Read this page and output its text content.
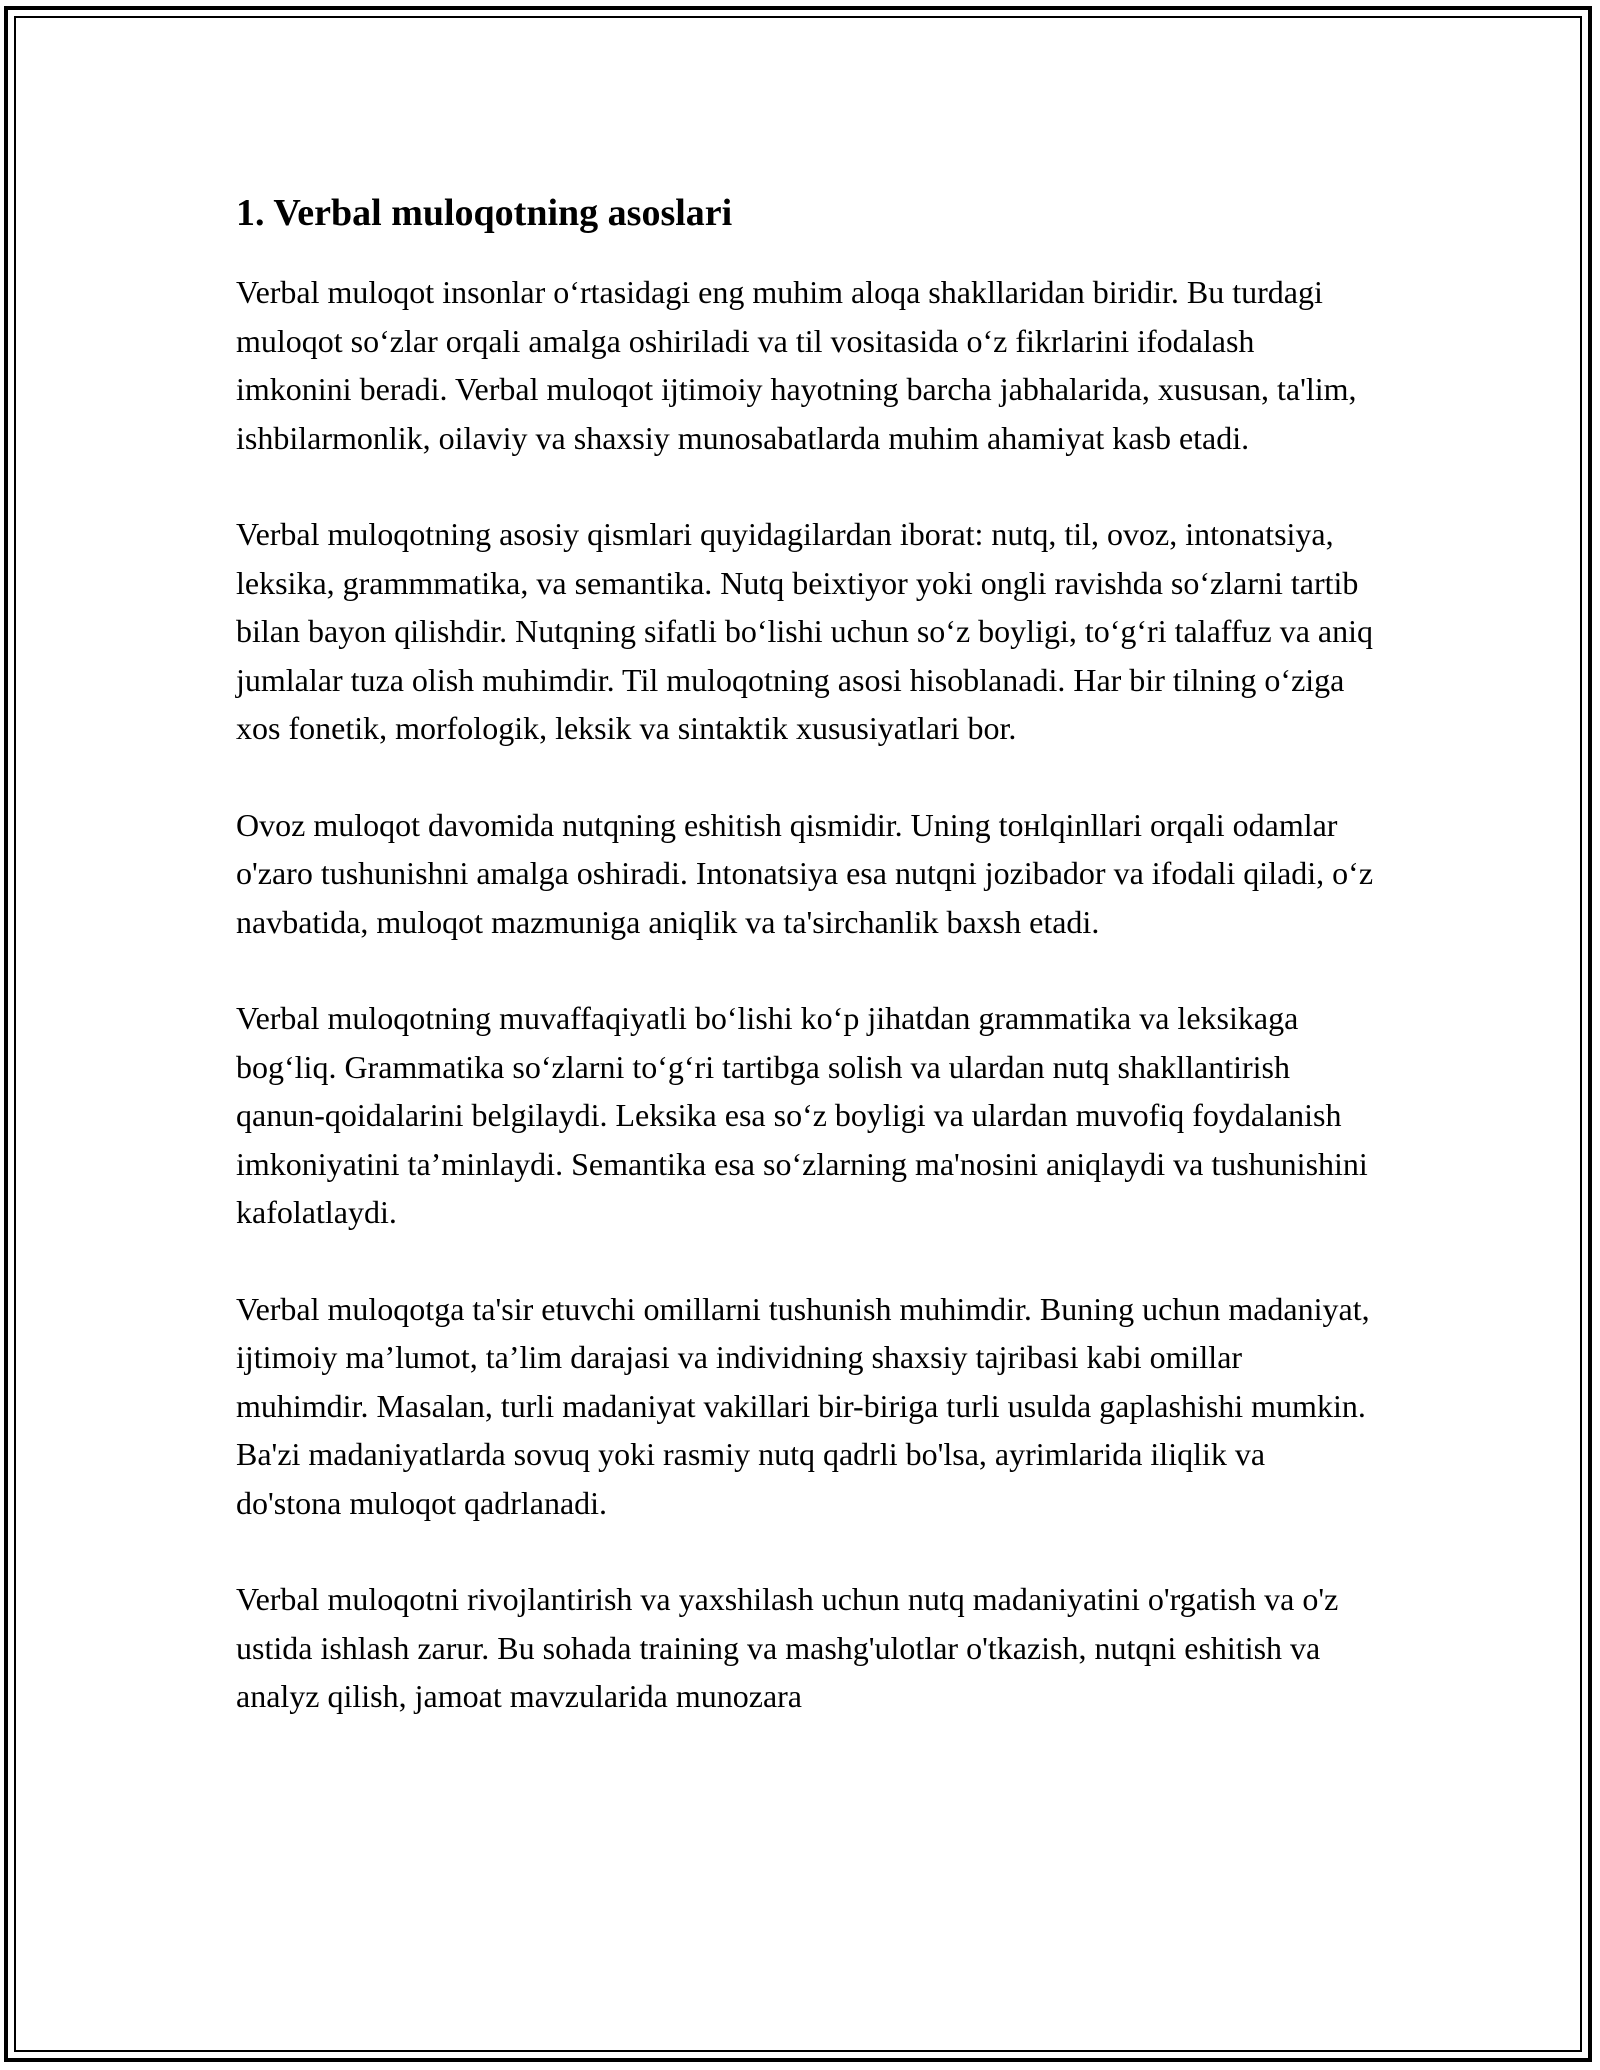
1. Verbal muloqotning asoslari

Verbal muloqot insonlar o‘rtasidagi eng muhim aloqa shakllaridan biridir. Bu turdagi muloqot so‘zlar orqali amalga oshiriladi va til vositasida o‘z fikrlarini ifodalash imkonini beradi. Verbal muloqot ijtimoiy hayotning barcha jabhalarida, xususan, ta'lim, ishbilarmonlik, oilaviy va shaxsiy munosabatlarda muhim ahamiyat kasb etadi.

Verbal muloqotning asosiy qismlari quyidagilardan iborat: nutq, til, ovoz, intonatsiya, leksika, grammmatika, va semantika. Nutq beixtiyor yoki ongli ravishda so‘zlarni tartib bilan bayon qilishdir. Nutqning sifatli bo‘lishi uchun so‘z boyligi, to‘g‘ri talaffuz va aniq jumlalar tuza olish muhimdir. Til muloqotning asosi hisoblanadi. Har bir tilning o‘ziga xos fonetik, morfologik, leksik va sintaktik xususiyatlari bor.

Ovoz muloqot davomida nutqning eshitish qismidir. Uning toнlqinllari orqali odamlar o'zaro tushunishni amalga oshiradi. Intonatsiya esa nutqni jozibador va ifodali qiladi, o‘z navbatida, muloqot mazmuniga aniqlik va ta'sirchanlik baxsh etadi.

Verbal muloqotning muvaffaqiyatli bo‘lishi ko‘p jihatdan grammatika va leksikaga bog‘liq. Grammatika so‘zlarni to‘g‘ri tartibga solish va ulardan nutq shakllantirish qanun-qoidalarini belgilaydi. Leksika esa so‘z boyligi va ulardan muvofiq foydalanish imkoniyatini ta’minlaydi. Semantika esa so‘zlarning ma'nosini aniqlaydi va tushunishini kafolatlaydi.

Verbal muloqotga ta'sir etuvchi omillarni tushunish muhimdir. Buning uchun madaniyat, ijtimoiy ma’lumot, ta’lim darajasi va individning shaxsiy tajribasi kabi omillar muhimdir. Masalan, turli madaniyat vakillari bir-biriga turli usulda gaplashishi mumkin. Ba'zi madaniyatlarda sovuq yoki rasmiy nutq qadrli bo'lsa, ayrimlarida iliqlik va do'stona muloqot qadrlanadi.

Verbal muloqotni rivojlantirish va yaxshilash uchun nutq madaniyatini o'rgatish va o'z ustida ishlash zarur. Bu sohada training va mashg'ulotlar o'tkazish, nutqni eshitish va analyz qilish, jamoat mavzularida munozara
